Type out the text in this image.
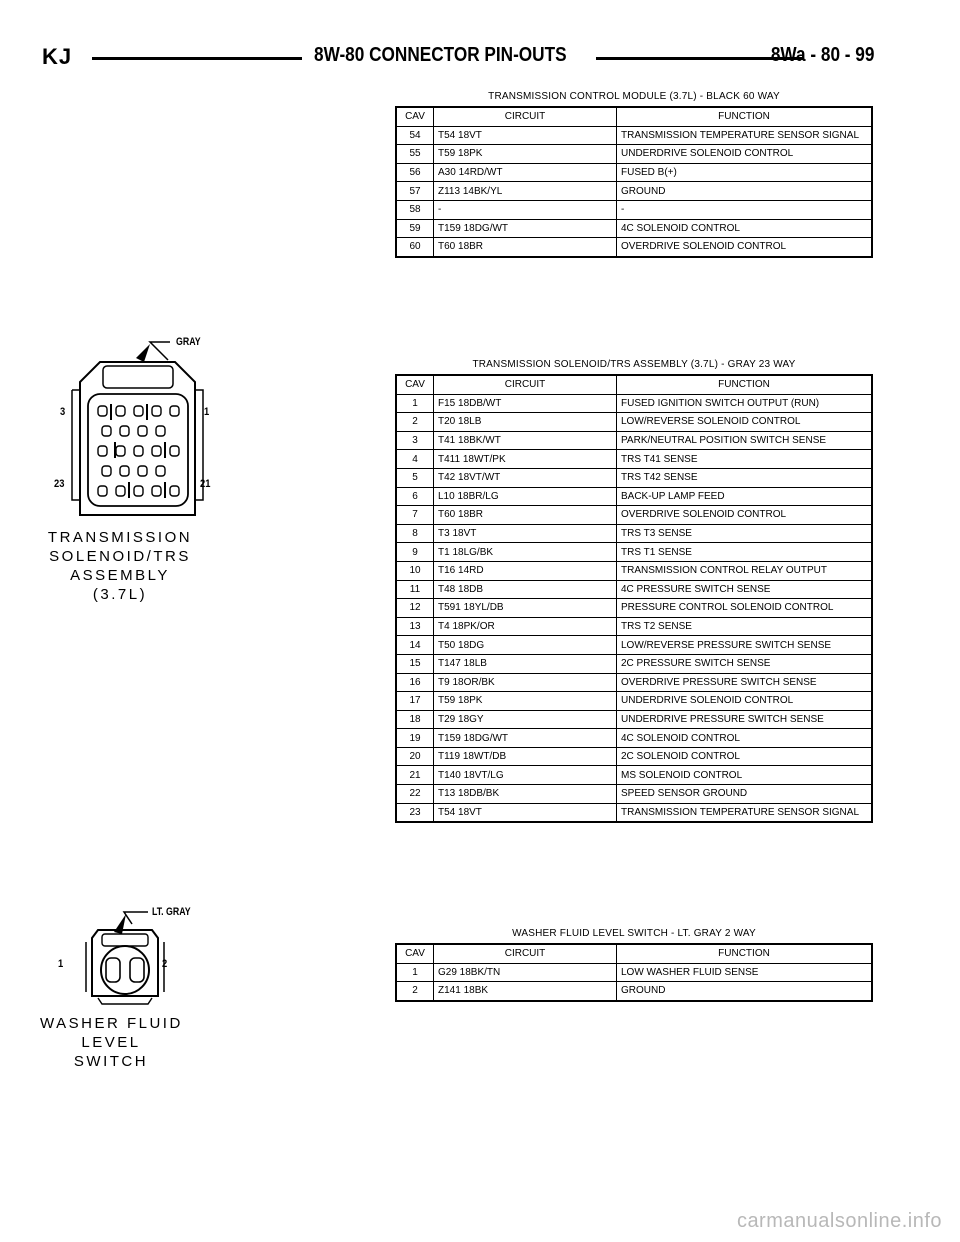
KJ	8W-80 CONNECTOR PIN-OUTS	8Wa - 80 - 99
TRANSMISSION CONTROL MODULE (3.7L) - BLACK 60 WAY
CAV	CIRCUIT	FUNCTION
54	T54 18VT	TRANSMISSION TEMPERATURE SENSOR SIGNAL
55	T59 18PK	UNDERDRIVE SOLENOID CONTROL
56	A30 14RD/WT	FUSED B(+)
57	Z113 14BK/YL	GROUND
58	-	-
59	T159 18DG/WT	4C SOLENOID CONTROL
60	T60 18BR	OVERDRIVE SOLENOID CONTROL
TRANSMISSION SOLENOID/TRS ASSEMBLY (3.7L) - GRAY 23 WAY
CAV	CIRCUIT	FUNCTION
1	F15 18DB/WT	FUSED IGNITION SWITCH OUTPUT (RUN)
2	T20 18LB	LOW/REVERSE SOLENOID CONTROL
3	T41 18BK/WT	PARK/NEUTRAL POSITION SWITCH SENSE
4	T411 18WT/PK	TRS T41 SENSE
5	T42 18VT/WT	TRS T42 SENSE
6	L10 18BR/LG	BACK-UP LAMP FEED
7	T60 18BR	OVERDRIVE SOLENOID CONTROL
8	T3 18VT	TRS T3 SENSE
9	T1 18LG/BK	TRS T1 SENSE
10	T16 14RD	TRANSMISSION CONTROL RELAY OUTPUT
11	T48 18DB	4C PRESSURE SWITCH SENSE
12	T591 18YL/DB	PRESSURE CONTROL SOLENOID CONTROL
13	T4 18PK/OR	TRS T2 SENSE
14	T50 18DG	LOW/REVERSE PRESSURE SWITCH SENSE
15	T147 18LB	2C PRESSURE SWITCH SENSE
16	T9 18OR/BK	OVERDRIVE PRESSURE SWITCH SENSE
17	T59 18PK	UNDERDRIVE SOLENOID CONTROL
18	T29 18GY	UNDERDRIVE PRESSURE SWITCH SENSE
19	T159 18DG/WT	4C SOLENOID CONTROL
20	T119 18WT/DB	2C SOLENOID CONTROL
21	T140 18VT/LG	MS SOLENOID CONTROL
22	T13 18DB/BK	SPEED SENSOR GROUND
23	T54 18VT	TRANSMISSION TEMPERATURE SENSOR SIGNAL
WASHER FLUID LEVEL SWITCH - LT. GRAY 2 WAY
CAV	CIRCUIT	FUNCTION
1	G29 18BK/TN	LOW WASHER FLUID SENSE
2	Z141 18BK	GROUND
GRAY
3	1
23	21
TRANSMISSION
SOLENOID/TRS
ASSEMBLY
(3.7L)
LT. GRAY
1	2
WASHER FLUID
LEVEL
SWITCH
carmanualsonline.info
